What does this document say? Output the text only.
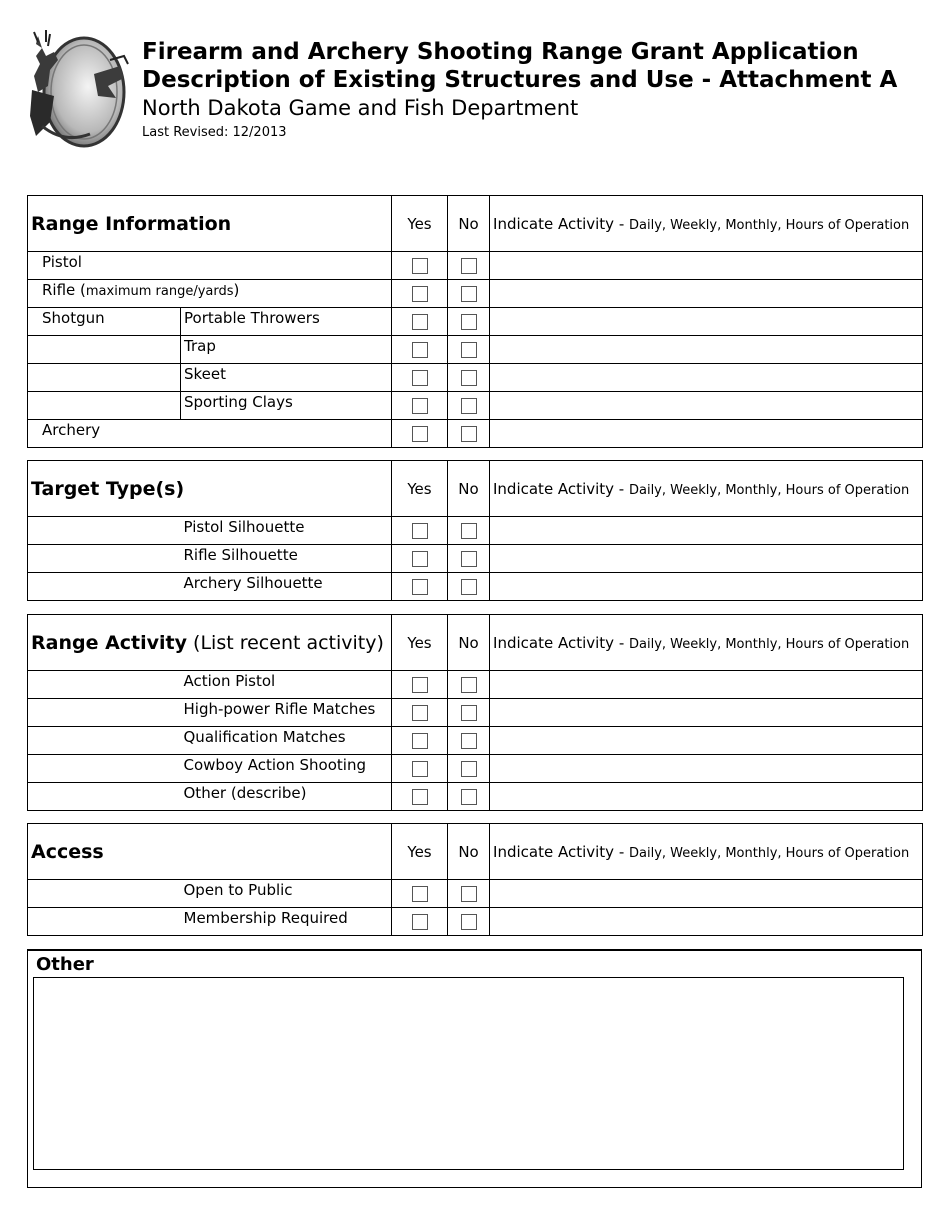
Firearm and Archery Shooting Range Grant Application
Description of Existing Structures and Use - Attachment A
North Dakota Game and Fish Department
Last Revised: 12/2013
Range Information		Yes	No	Indicate Activity - Daily, Weekly, Monthly, Hours of Operation
Pistol				
Rifle (maximum range/yards)				
Shotgun	Portable Throwers			
	Trap			
	Skeet			
	Sporting Clays			
Archery				
Target Type(s)		Yes	No	Indicate Activity - Daily, Weekly, Monthly, Hours of Operation
	Pistol Silhouette			
	Rifle Silhouette			
	Archery Silhouette			
Range Activity (List recent activity)		Yes	No	Indicate Activity - Daily, Weekly, Monthly, Hours of Operation
	Action Pistol			
	High-power Rifle Matches			
	Qualification Matches			
	Cowboy Action Shooting			
	Other (describe)			
Access		Yes	No	Indicate Activity - Daily, Weekly, Monthly, Hours of Operation
	Open to Public			
	Membership Required			
Other
